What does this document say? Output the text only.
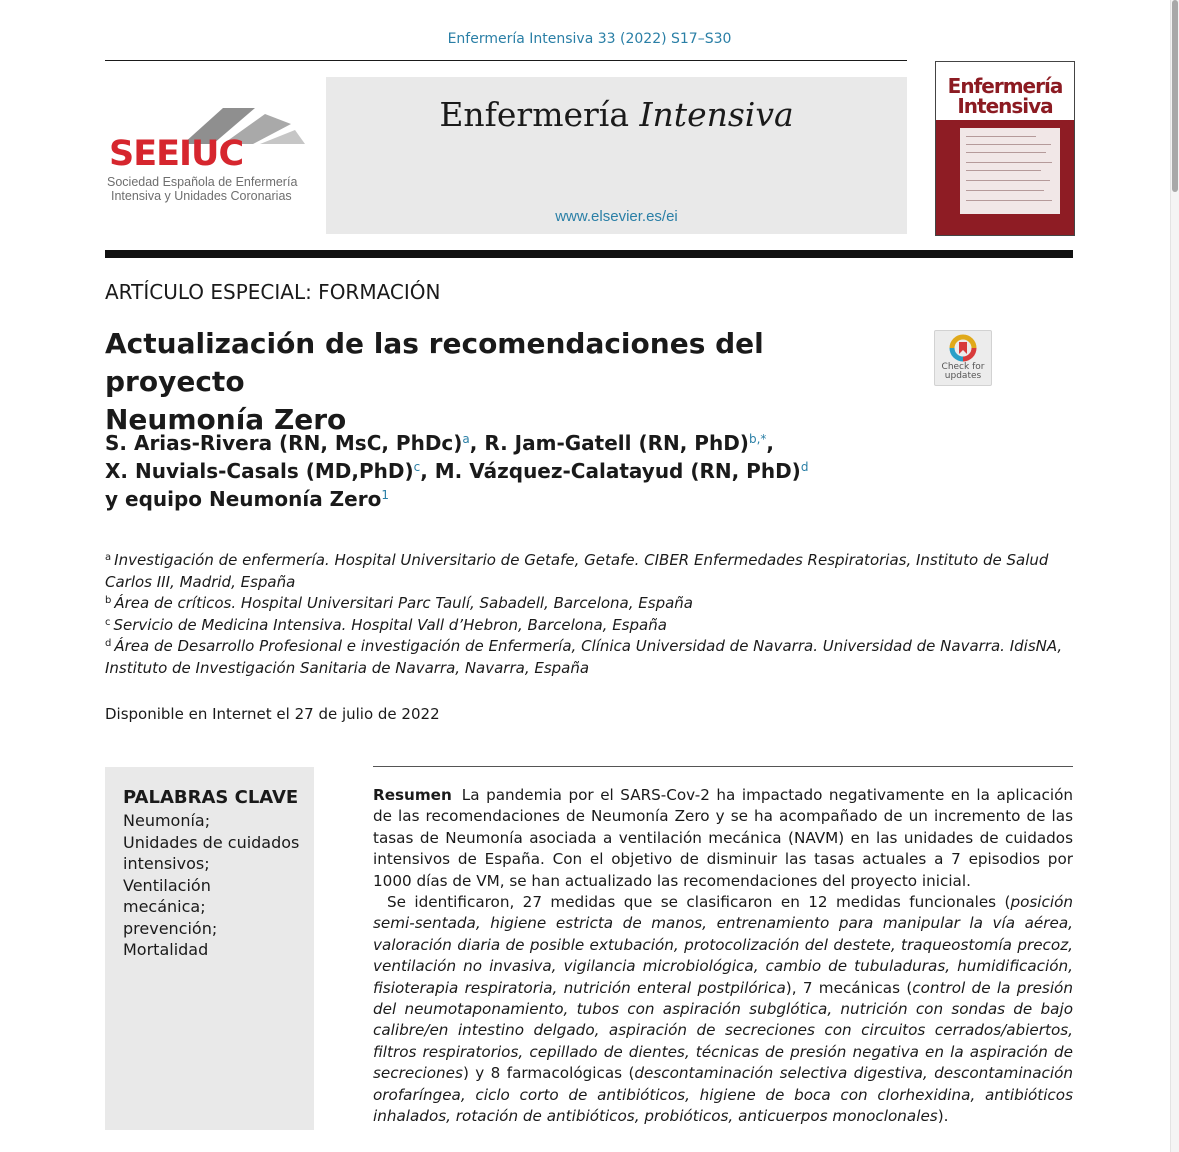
Enfermería Intensiva 33 (2022) S17–S30
SEEIUC
Sociedad Española de Enfermería
Intensiva y Unidades Coronarias
Enfermería Intensiva
www.elsevier.es/ei
Enfermería
Intensiva
ARTÍCULO ESPECIAL: FORMACIÓN
Actualización de las recomendaciones del proyecto
Neumonía Zero
Check for
updates
S. Arias-Rivera (RN, MsC, PhDc)$^a$, R. Jam-Gatell (RN, PhD)$^{b,*}$,
X. Nuvials-Casals $(MD,PhD)^c$, M. Vázquez-Calatayud (RN, PhD)$^d$
y equipo Neumonía Zero$^1$
$^a$ Investigación de enfermería. Hospital Universitario de Getafe, Getafe. CIBER Enfermedades Respiratorias, Instituto de Salud Carlos III, Madrid, España
$^b$ Área de críticos. Hospital Universitari Parc Taulí, Sabadell, Barcelona, España
$^c$ Servicio de Medicina Intensiva. Hospital Vall d’Hebron, Barcelona, España
$^d$ Área de Desarrollo Profesional e investigación de Enfermería, Clínica Universidad de Navarra. Universidad de Navarra. IdisNA, Instituto de Investigación Sanitaria de Navarra, Navarra, España
Disponible en Internet el 27 de julio de 2022
PALABRAS CLAVE
Neumonía;
Unidades de cuidados
intensivos;
Ventilación
mecánica;
prevención;
Mortalidad

Resumen La pandemia por el SARS-Cov-2 ha impactado negativamente en la aplicación de las recomendaciones de Neumonía Zero y se ha acompañado de un incremento de las tasas de Neumonía asociada a ventilación mecánica (NAVM) en las unidades de cuidados intensivos de España. Con el objetivo de disminuir las tasas actuales a 7 episodios por 1000 días de VM, se han actualizado las recomendaciones del proyecto inicial.

Se identificaron, 27 medidas que se clasificaron en 12 medidas funcionales (posición semi-sentada, higiene estricta de manos, entrenamiento para manipular la vía aérea, valoración diaria de posible extubación, protocolización del destete, traqueostomía precoz, ventilación no invasiva, vigilancia microbiológica, cambio de tubuladuras, humidificación, fisioterapia respiratoria, nutrición enteral postpilórica), 7 mecánicas (control de la presión del neumotaponamiento, tubos con aspiración subglótica, nutrición con sondas de bajo calibre/en intestino delgado, aspiración de secreciones con circuitos cerrados/abiertos, filtros respiratorios, cepillado de dientes, técnicas de presión negativa en la aspiración de secreciones) y 8 farmacológicas (descontaminación selectiva digestiva, descontaminación orofaríngea, ciclo corto de antibióticos, higiene de boca con clorhexidina, antibióticos inhalados, rotación de antibióticos, probióticos, anticuerpos monoclonales).
